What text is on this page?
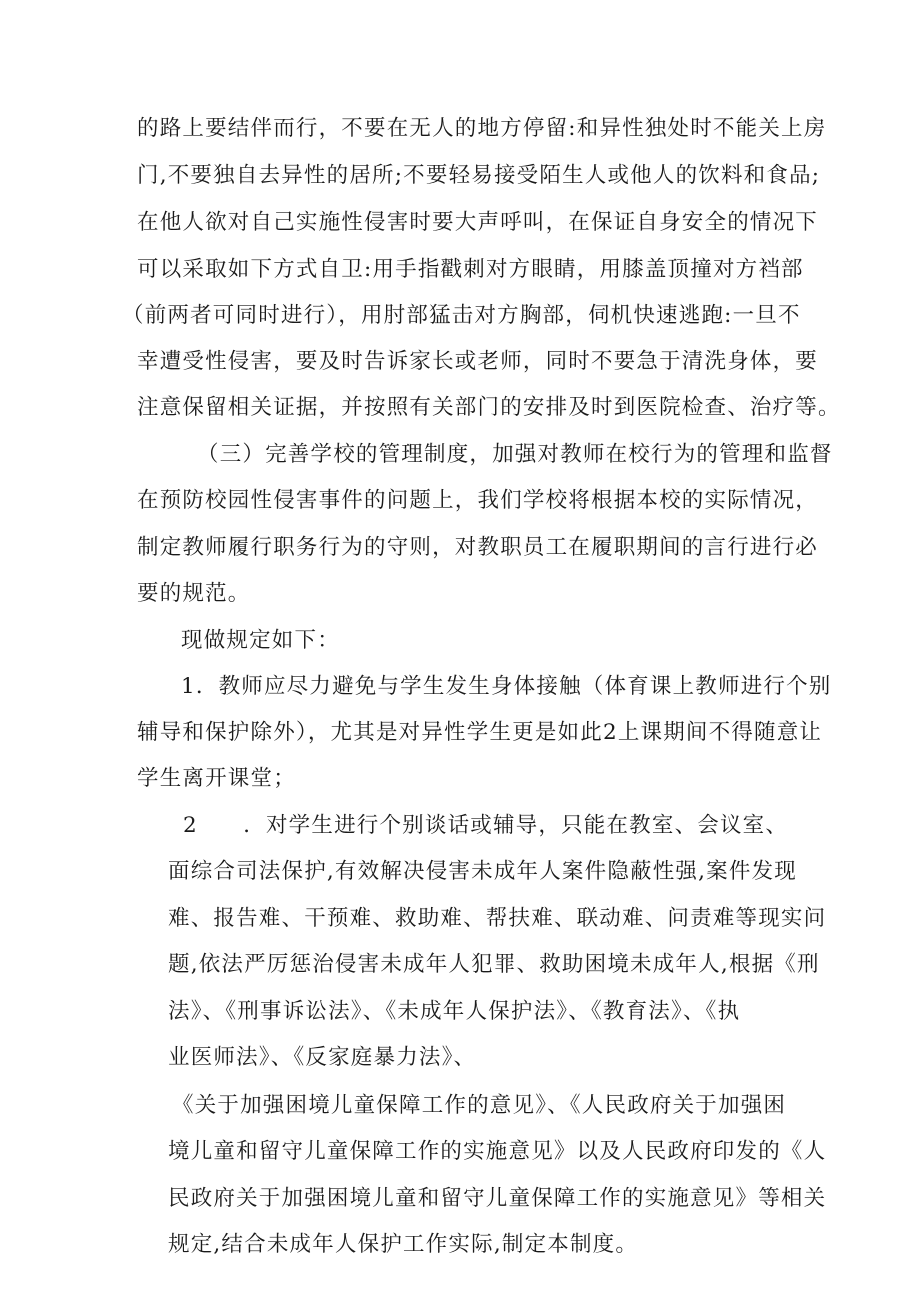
的路上要结伴而行，不要在无人的地方停留:和异性独处时不能关上房
门,不要独自去异性的居所;不要轻易接受陌生人或他人的饮料和食品;
在他人欲对自己实施性侵害时要大声呼叫，在保证自身安全的情况下
可以采取如下方式自卫:用手指戳刺对方眼睛，用膝盖顶撞对方裆部
（前两者可同时进行），用肘部猛击对方胸部，伺机快速逃跑:一旦不
幸遭受性侵害，要及时告诉家长或老师，同时不要急于清洗身体，要
注意保留相关证据，并按照有关部门的安排及时到医院检查、治疗等。
（三）完善学校的管理制度，加强对教师在校行为的管理和监督
在预防校园性侵害事件的问题上，我们学校将根据本校的实际情况，
制定教师履行职务行为的守则，对教职员工在履职期间的言行进行必
要的规范。
现做规定如下：
1．教师应尽力避免与学生发生身体接触（体育课上教师进行个别
辅导和保护除外），尤其是对异性学生更是如此2上课期间不得随意让
学生离开课堂；
2　　．对学生进行个别谈话或辅导，只能在教室、会议室、
面综合司法保护,有效解决侵害未成年人案件隐蔽性强,案件发现
难、报告难、干预难、救助难、帮扶难、联动难、问责难等现实问
题,依法严厉惩治侵害未成年人犯罪、救助困境未成年人,根据《刑
法》、《刑事诉讼法》、《未成年人保护法》、《教育法》、《执
业医师法》、《反家庭暴力法》、
《关于加强困境儿童保障工作的意见》、《人民政府关于加强困
境儿童和留守儿童保障工作的实施意见》以及人民政府印发的《人
民政府关于加强困境儿童和留守儿童保障工作的实施意见》等相关
规定,结合未成年人保护工作实际,制定本制度。
